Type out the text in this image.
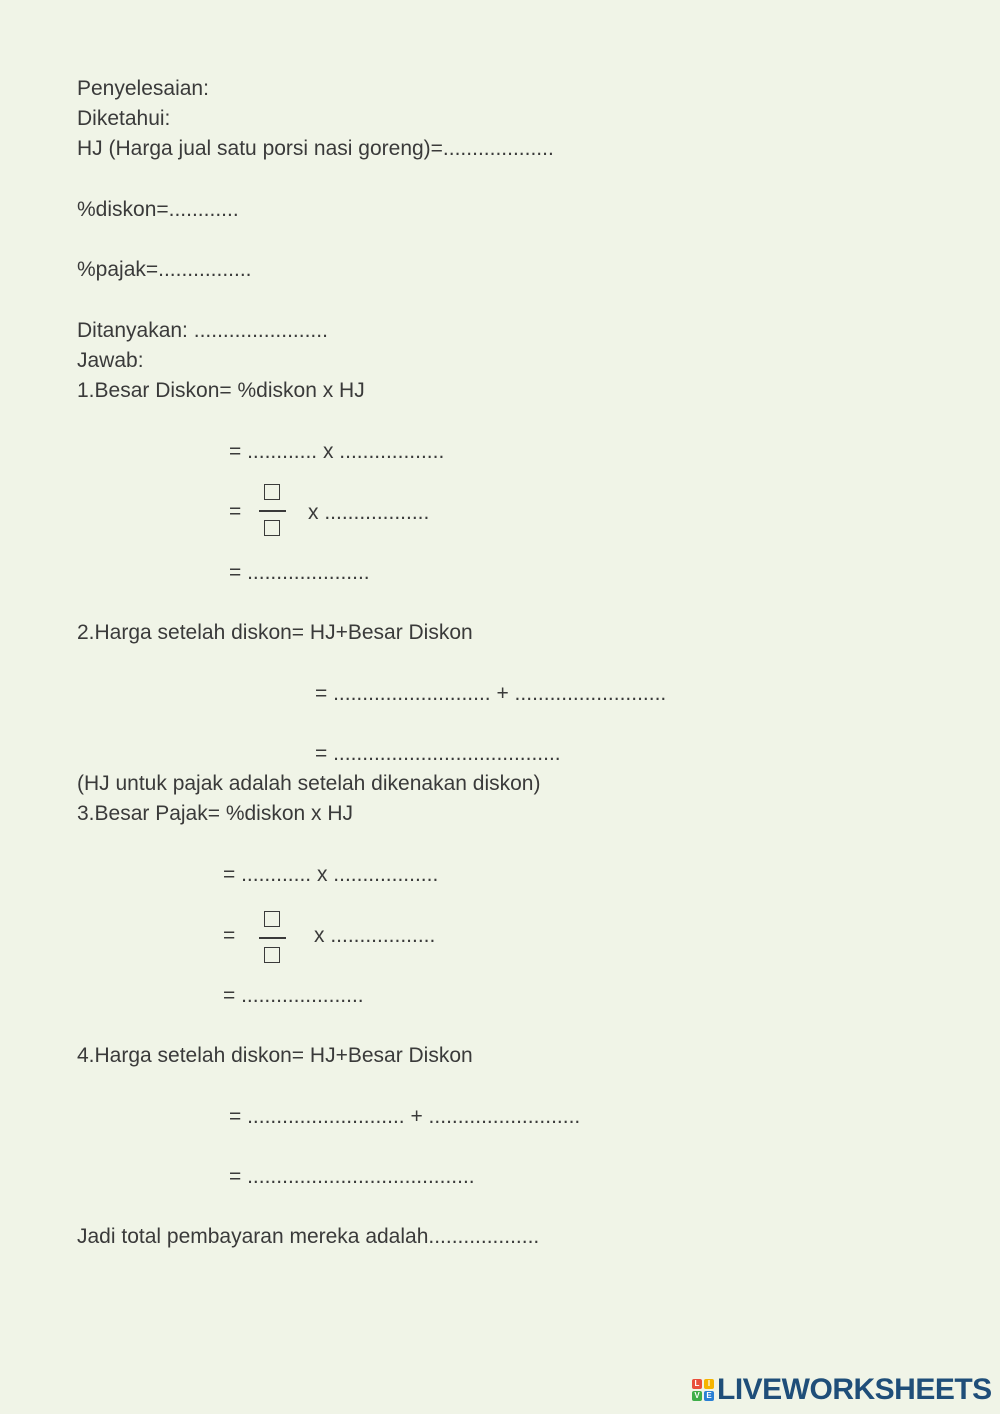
Penyelesaian:
Diketahui:
HJ (Harga jual satu porsi nasi goreng)=...................
%diskon=............
%pajak=................
Ditanyakan: .......................
Jawab:
1.Besar Diskon= %diskon x HJ
= ............ x ..................
=	x ..................
= .....................
2.Harga setelah diskon= HJ+Besar Diskon
= ........................... + ..........................
= .......................................
(HJ untuk pajak adalah setelah dikenakan diskon)
3.Besar Pajak= %diskon x HJ
= ............ x ..................
=	x ..................
= .....................
4.Harga setelah diskon= HJ+Besar Diskon
= ........................... + ..........................
= .......................................
Jadi total pembayaran mereka adalah...................
L	I
V E LIVEWORKSHEETS
